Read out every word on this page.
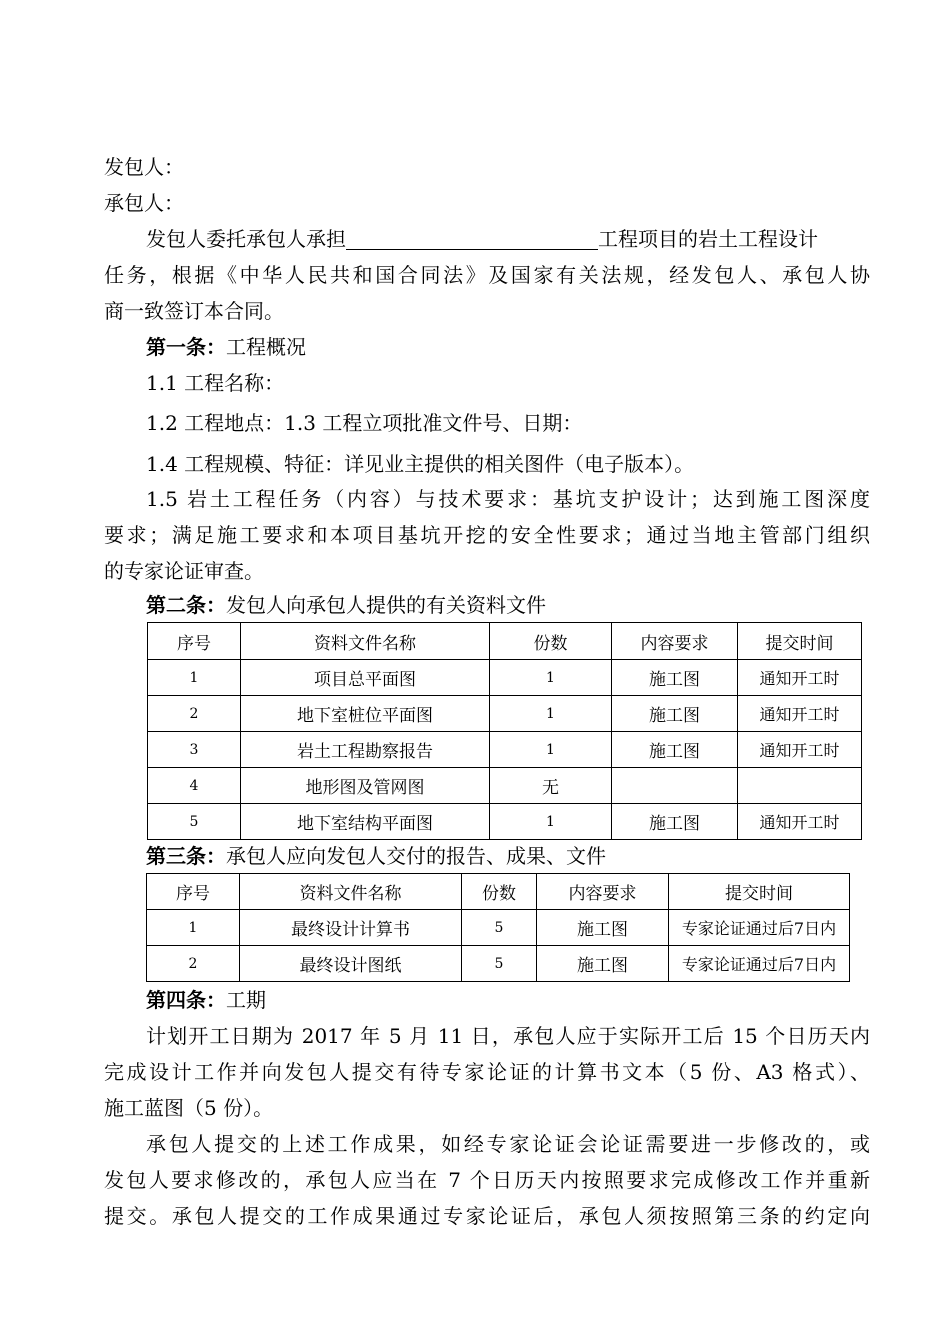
发包人：
承包人：
发包人委托承包人承担	工程项目的岩土工程设计
任务，根据《中华人民共和国合同法》及国家有关法规，经发包人、承包人协
商一致签订本合同。
第一条：工程概况
1.1 工程名称：
1.2 工程地点：1.3 工程立项批准文件号、日期：
1.4 工程规模、特征：详见业主提供的相关图件（电子版本）。
1.5 岩土工程任务（内容）与技术要求：基坑支护设计；达到施工图深度
要求；满足施工要求和本项目基坑开挖的安全性要求；通过当地主管部门组织
的专家论证审查。
第二条：发包人向承包人提供的有关资料文件
序号	资料文件名称	份数	内容要求	提交时间
1	项目总平面图	1	施工图	通知开工时
2	地下室桩位平面图	1	施工图	通知开工时
3	岩土工程勘察报告	1	施工图	通知开工时
4	地形图及管网图	无		
5	地下室结构平面图	1	施工图	通知开工时
第三条：承包人应向发包人交付的报告、成果、文件
序号	资料文件名称	份数	内容要求	提交时间
1	最终设计计算书	5	施工图	专家论证通过后7日内
2	最终设计图纸	5	施工图	专家论证通过后7日内
第四条：工期
计划开工日期为 2017 年 5 月 11 日，承包人应于实际开工后 15 个日历天内
完成设计工作并向发包人提交有待专家论证的计算书文本（5 份、A3 格式）、
施工蓝图（5 份）。
承包人提交的上述工作成果，如经专家论证会论证需要进一步修改的，或
发包人要求修改的，承包人应当在 7 个日历天内按照要求完成修改工作并重新
提交。承包人提交的工作成果通过专家论证后，承包人须按照第三条的约定向
